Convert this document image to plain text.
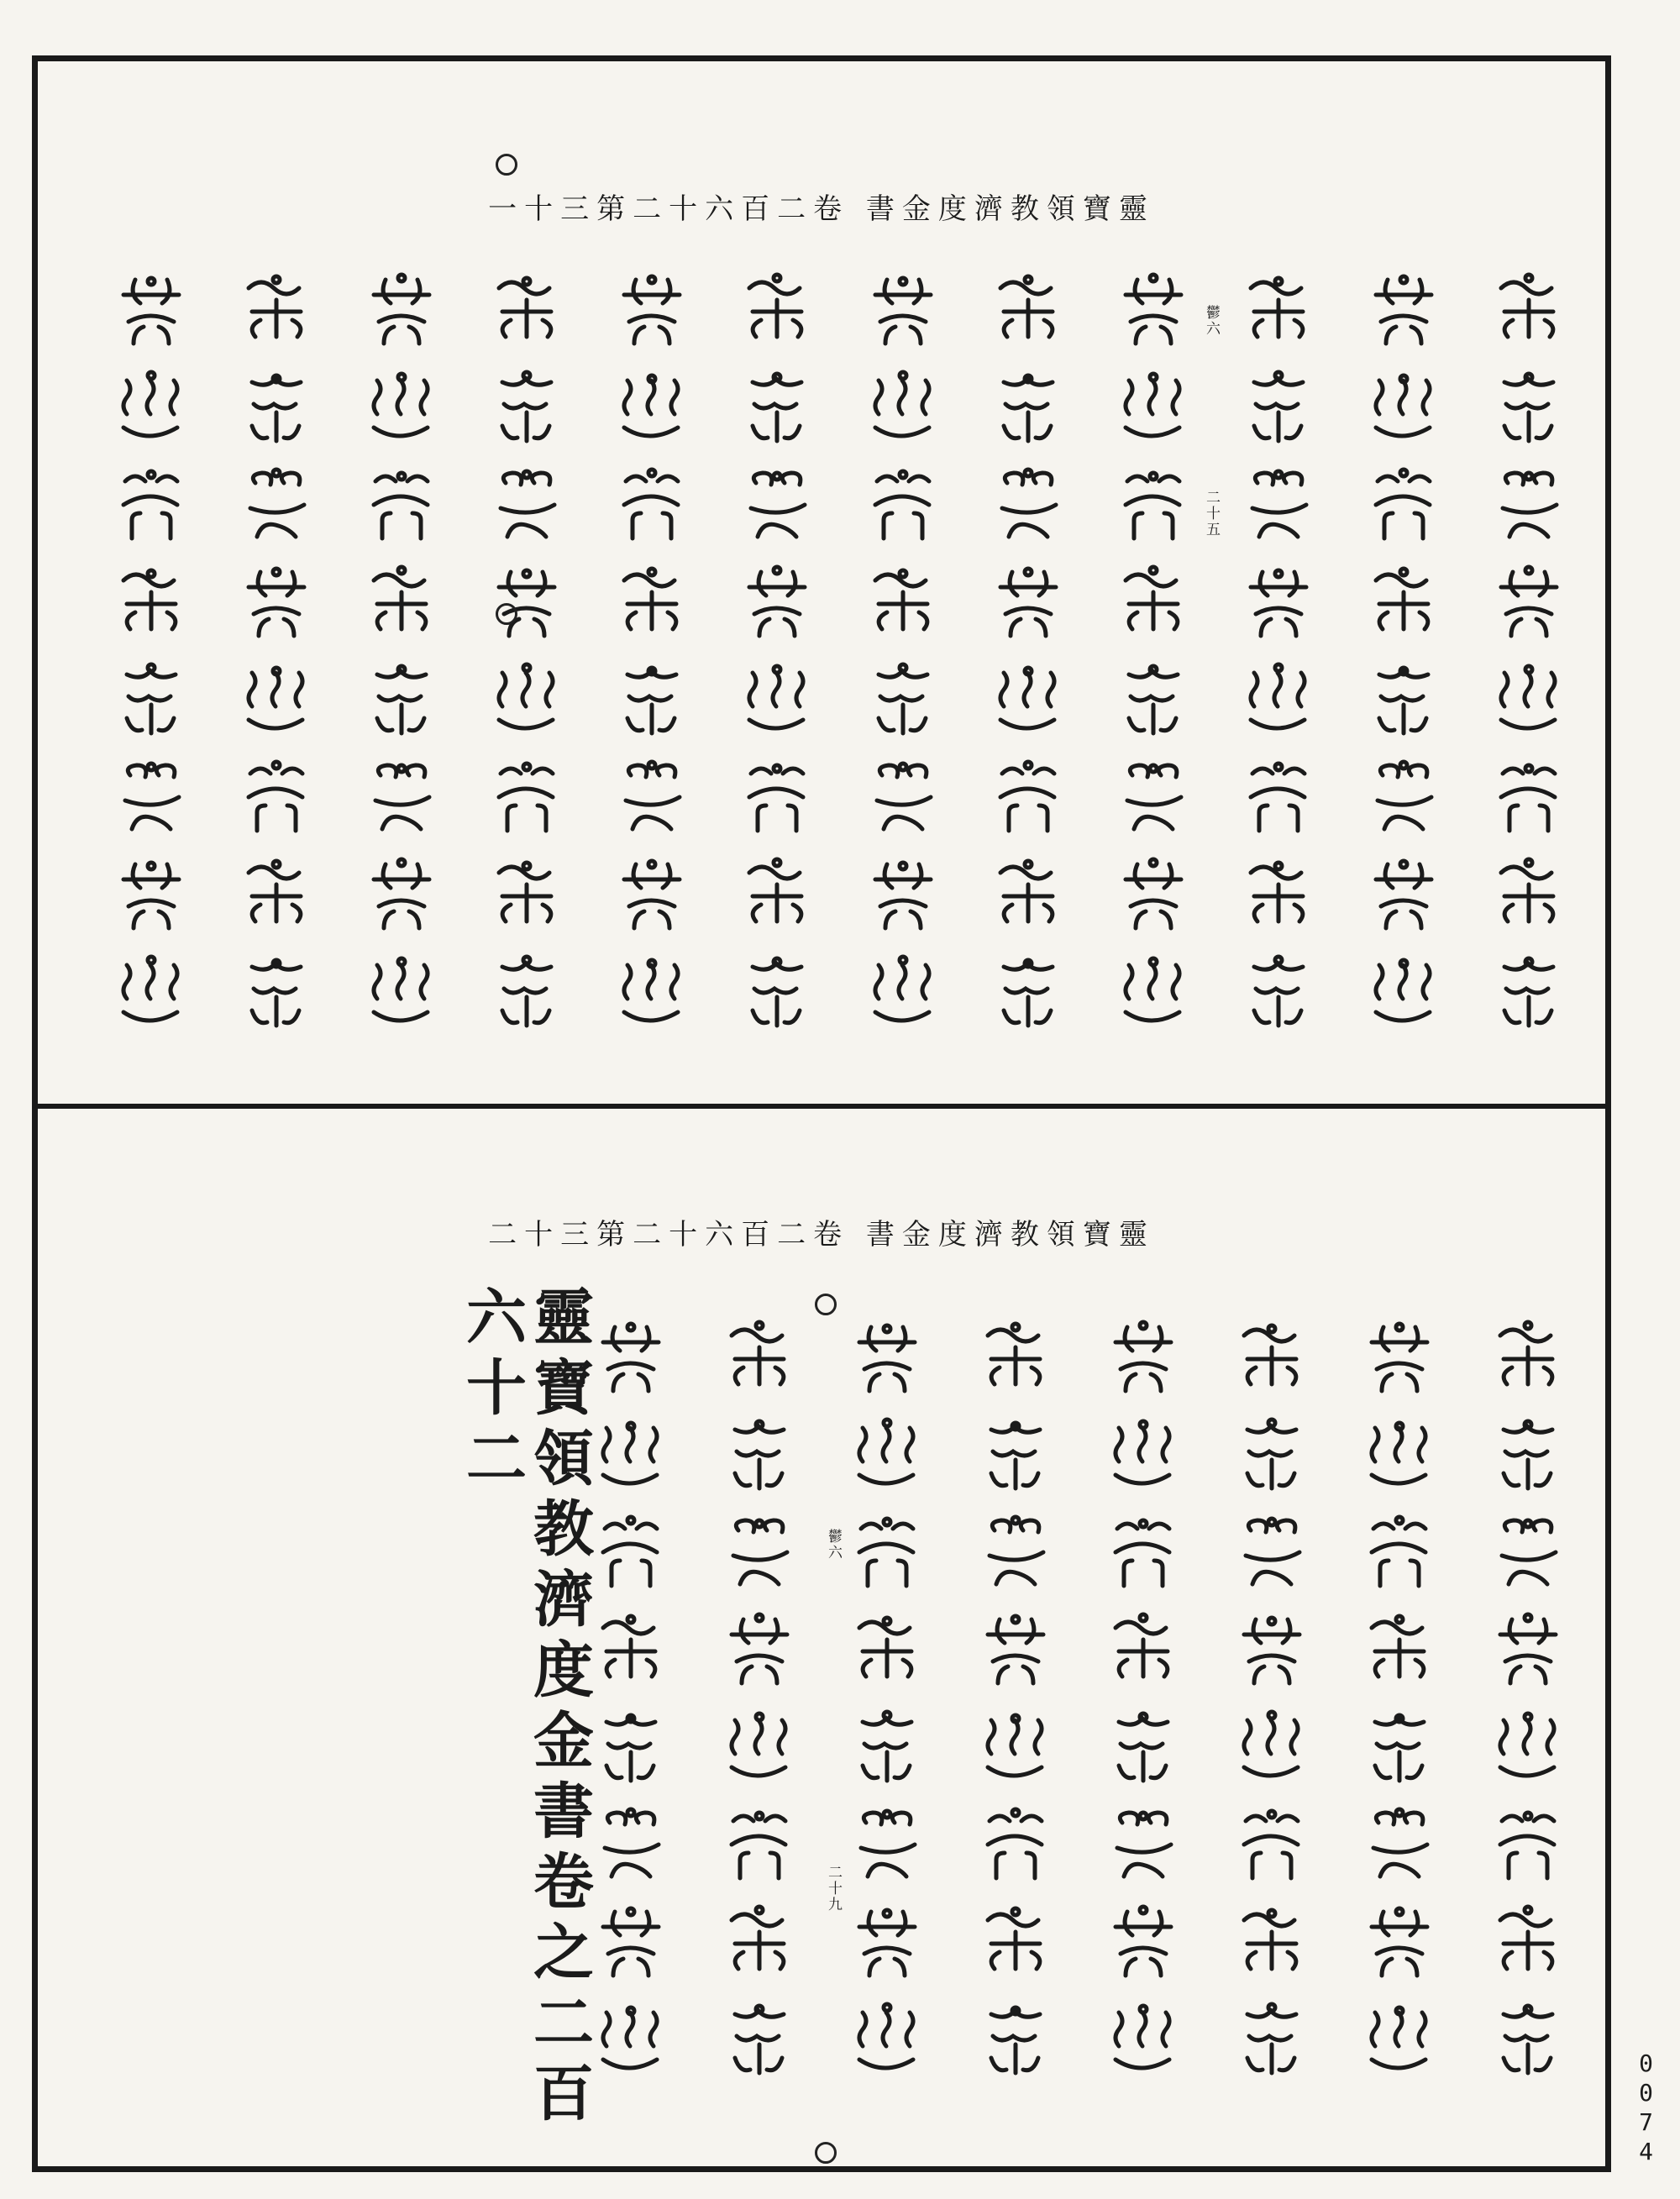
靈寶領教濟度金書 卷二百六十二第三十一
鬱六
二十五
靈寶領教濟度金書 卷二百六十二第三十二
靈寶領教濟度金書卷之二百六十二
鬱六
二十九
0074
